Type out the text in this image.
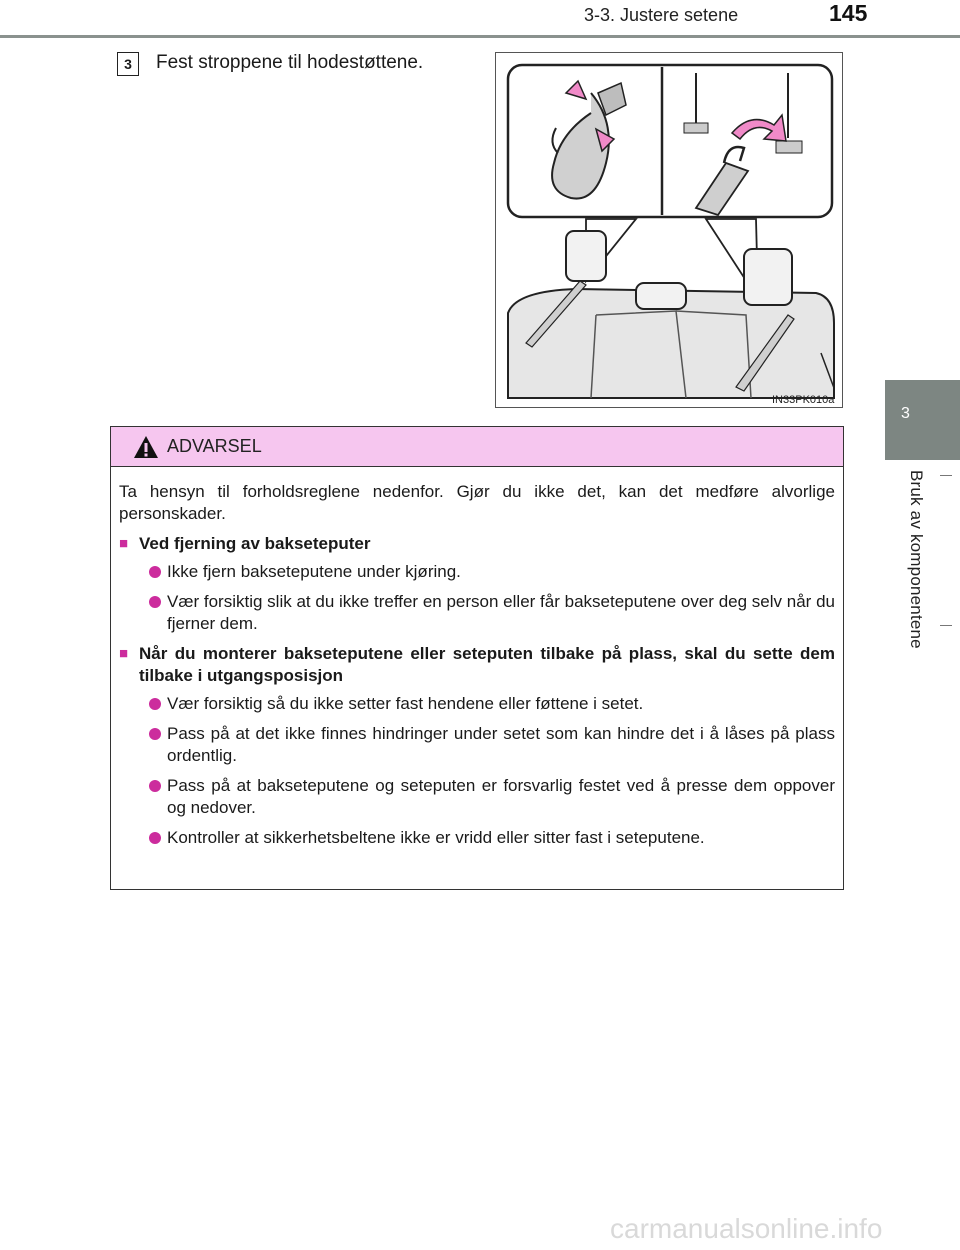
3-3. Justere setene	145
3
Bruk av komponentene
3	Fest stroppene til hodestøttene.
IN33PK010a
ADVARSEL

Ta hensyn til forholdsreglene nedenfor. Gjør du ikke det, kan det medføre alvorlige personskader.

■ Ved fjerning av bakseteputer
Ikke fjern bakseteputene under kjøring.
Vær forsiktig slik at du ikke treffer en person eller får bakseteputene over deg selv når du fjerner dem.
■ Når du monterer bakseteputene eller seteputen tilbake på plass, skal du sette dem tilbake i utgangsposisjon
Vær forsiktig så du ikke setter fast hendene eller føttene i setet.
Pass på at det ikke finnes hindringer under setet som kan hindre det i å låses på plass ordentlig.
Pass på at bakseteputene og seteputen er forsvarlig festet ved å presse dem oppover og nedover.
Kontroller at sikkerhetsbeltene ikke er vridd eller sitter fast i seteputene.
carmanualsonline.info
